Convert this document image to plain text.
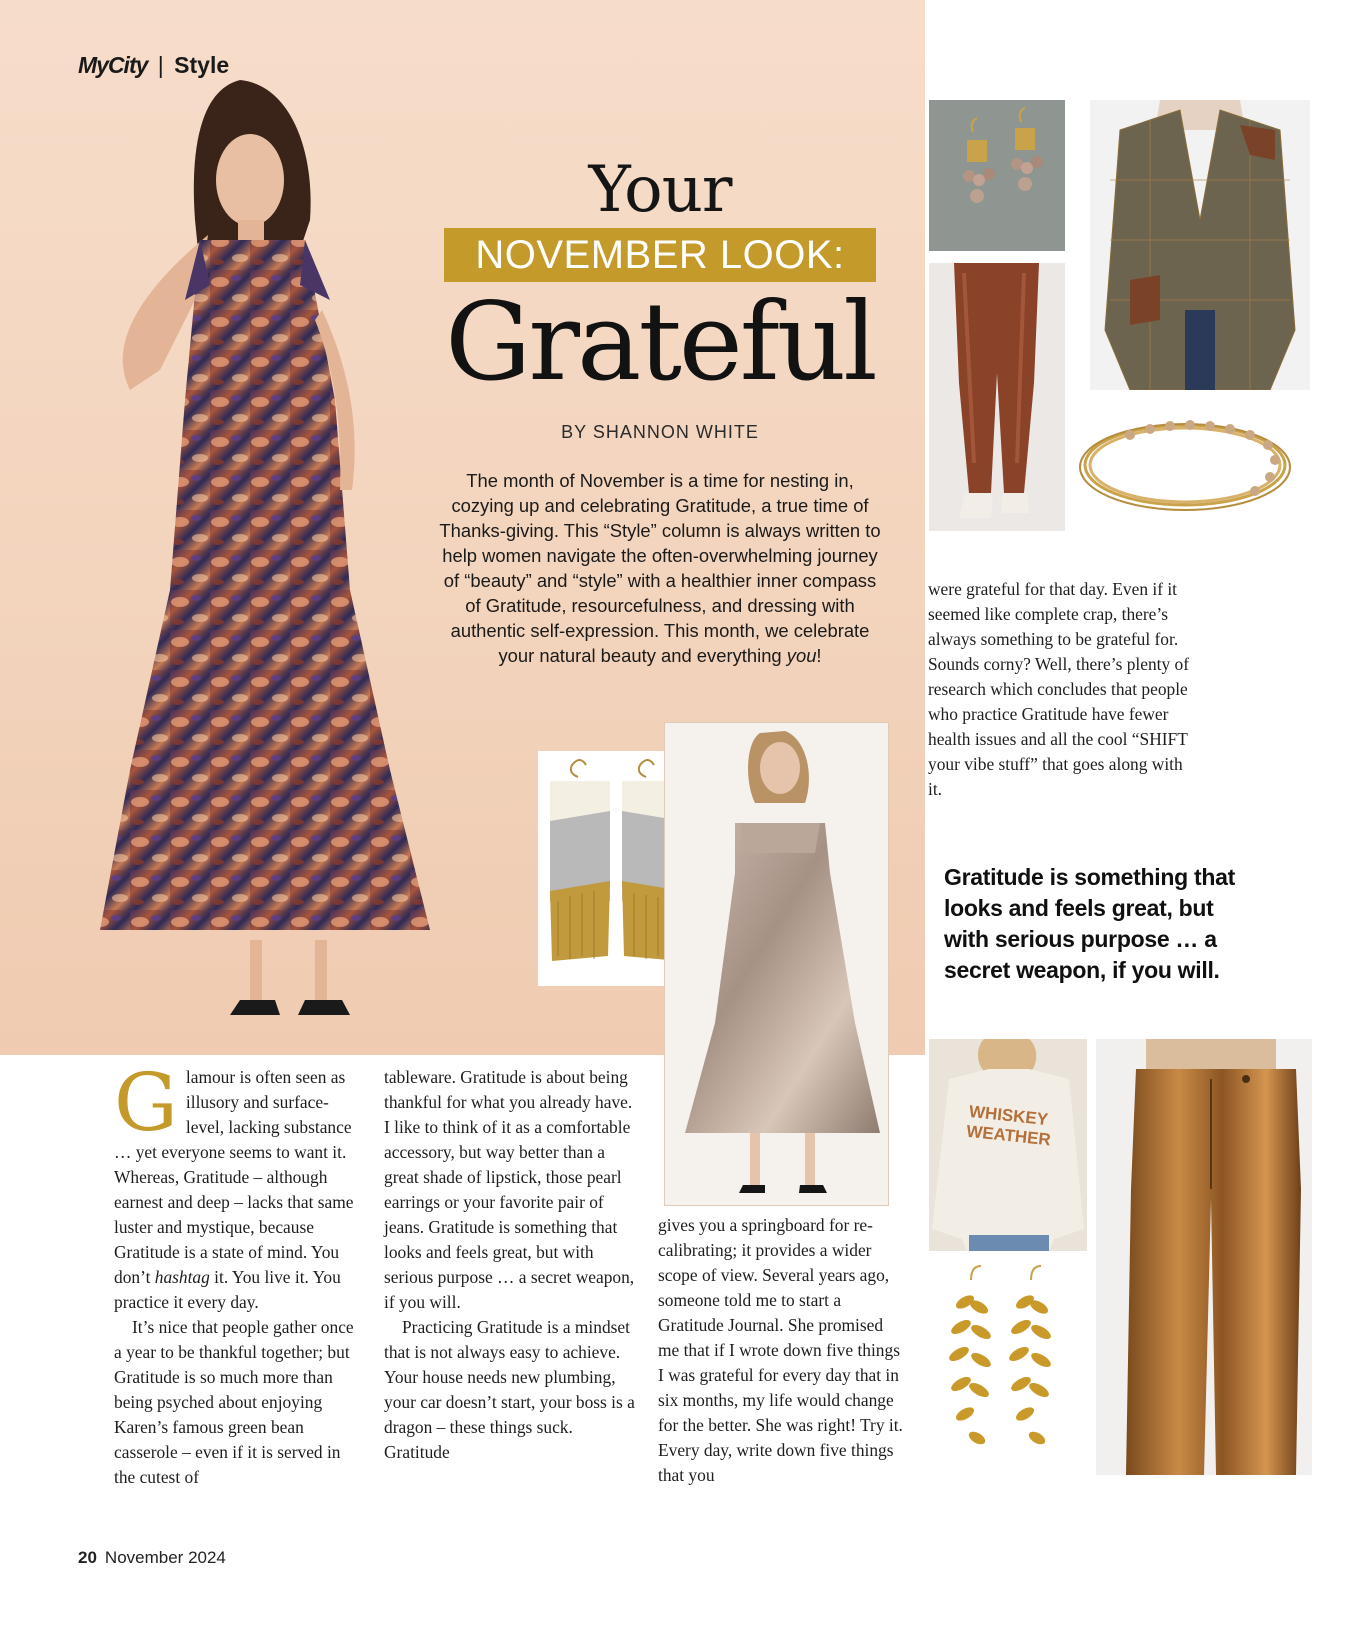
MyCity | Style
Your
NOVEMBER LOOK:
Grateful
BY SHANNON WHITE
The month of November is a time for nesting in, cozying up and celebrating Gratitude, a true time of Thanks-giving. This “Style” column is always written to help women navigate the often-overwhelming journey of “beauty” and “style” with a healthier inner compass of Gratitude, resourcefulness, and dressing with authentic self-expression. This month, we celebrate your natural beauty and everything you!
WHISKEY
WEATHER

Glamour is often seen as illusory and surface-level, lacking substance … yet everyone seems to want it. Whereas, Gratitude – although earnest and deep – lacks that same luster and mystique, because Gratitude is a state of mind. You don’t hashtag it. You live it. You practice it every day.

It’s nice that people gather once a year to be thankful together; but Gratitude is so much more than being psyched about enjoying Karen’s famous green bean casserole – even if it is served in the cutest of

tableware. Gratitude is about being thankful for what you already have. I like to think of it as a comfortable accessory, but way better than a great shade of lipstick, those pearl earrings or your favorite pair of jeans. Gratitude is something that looks and feels great, but with serious purpose … a secret weapon, if you will.

Practicing Gratitude is a mindset that is not always easy to achieve. Your house needs new plumbing, your car doesn’t start, your boss is a dragon – these things suck. Gratitude

gives you a springboard for re-calibrating; it provides a wider scope of view. Several years ago, someone told me to start a Gratitude Journal. She promised me that if I wrote down five things I was grateful for every day that in six months, my life would change for the better. She was right! Try it. Every day, write down five things that you

were grateful for that day. Even if it seemed like complete crap, there’s always something to be grateful for. Sounds corny? Well, there’s plenty of research which concludes that people who practice Gratitude have fewer health issues and all the cool “SHIFT your vibe stuff” that goes along with it.

Gratitude is something that looks and feels great, but with serious purpose … a secret weapon, if you will.
20 November 2024
